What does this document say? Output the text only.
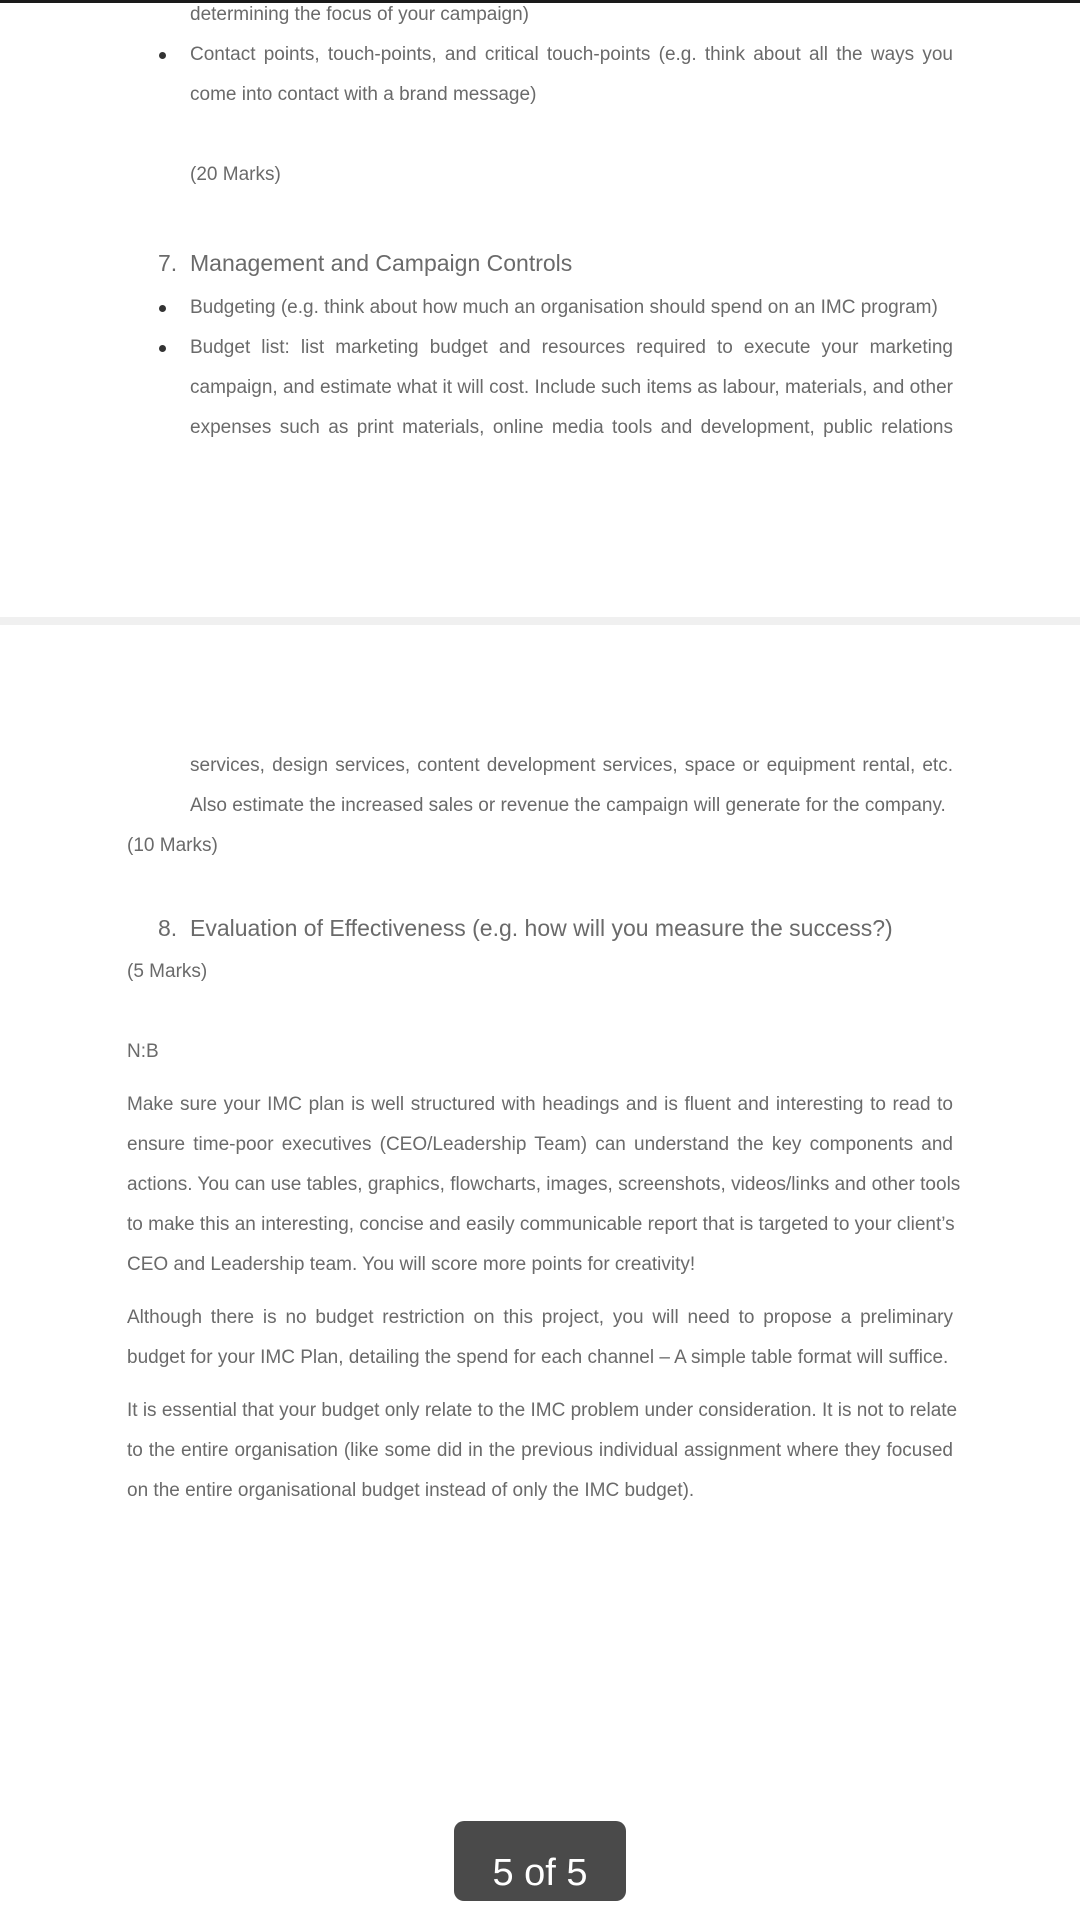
determining the focus of your campaign)
Contact points, touch-points, and critical touch-points (e.g. think about all the ways you
come into contact with a brand message)
(20 Marks)
7. Management and Campaign Controls
Budgeting (e.g. think about how much an organisation should spend on an IMC program)
Budget list: list marketing budget and resources required to execute your marketing
campaign, and estimate what it will cost. Include such items as labour, materials, and other
expenses such as print materials, online media tools and development, public relations
services, design services, content development services, space or equipment rental, etc.
Also estimate the increased sales or revenue the campaign will generate for the company.
(10 Marks)
8. Evaluation of Effectiveness (e.g. how will you measure the success?)
(5 Marks)
N:B
Make sure your IMC plan is well structured with headings and is fluent and interesting to read to
ensure time-poor executives (CEO/Leadership Team) can understand the key components and
actions. You can use tables, graphics, flowcharts, images, screenshots, videos/links and other tools
to make this an interesting, concise and easily communicable report that is targeted to your client’s
CEO and Leadership team. You will score more points for creativity!
Although there is no budget restriction on this project, you will need to propose a preliminary
budget for your IMC Plan, detailing the spend for each channel – A simple table format will suffice.
It is essential that your budget only relate to the IMC problem under consideration. It is not to relate
to the entire organisation (like some did in the previous individual assignment where they focused
on the entire organisational budget instead of only the IMC budget).
5 of 5
